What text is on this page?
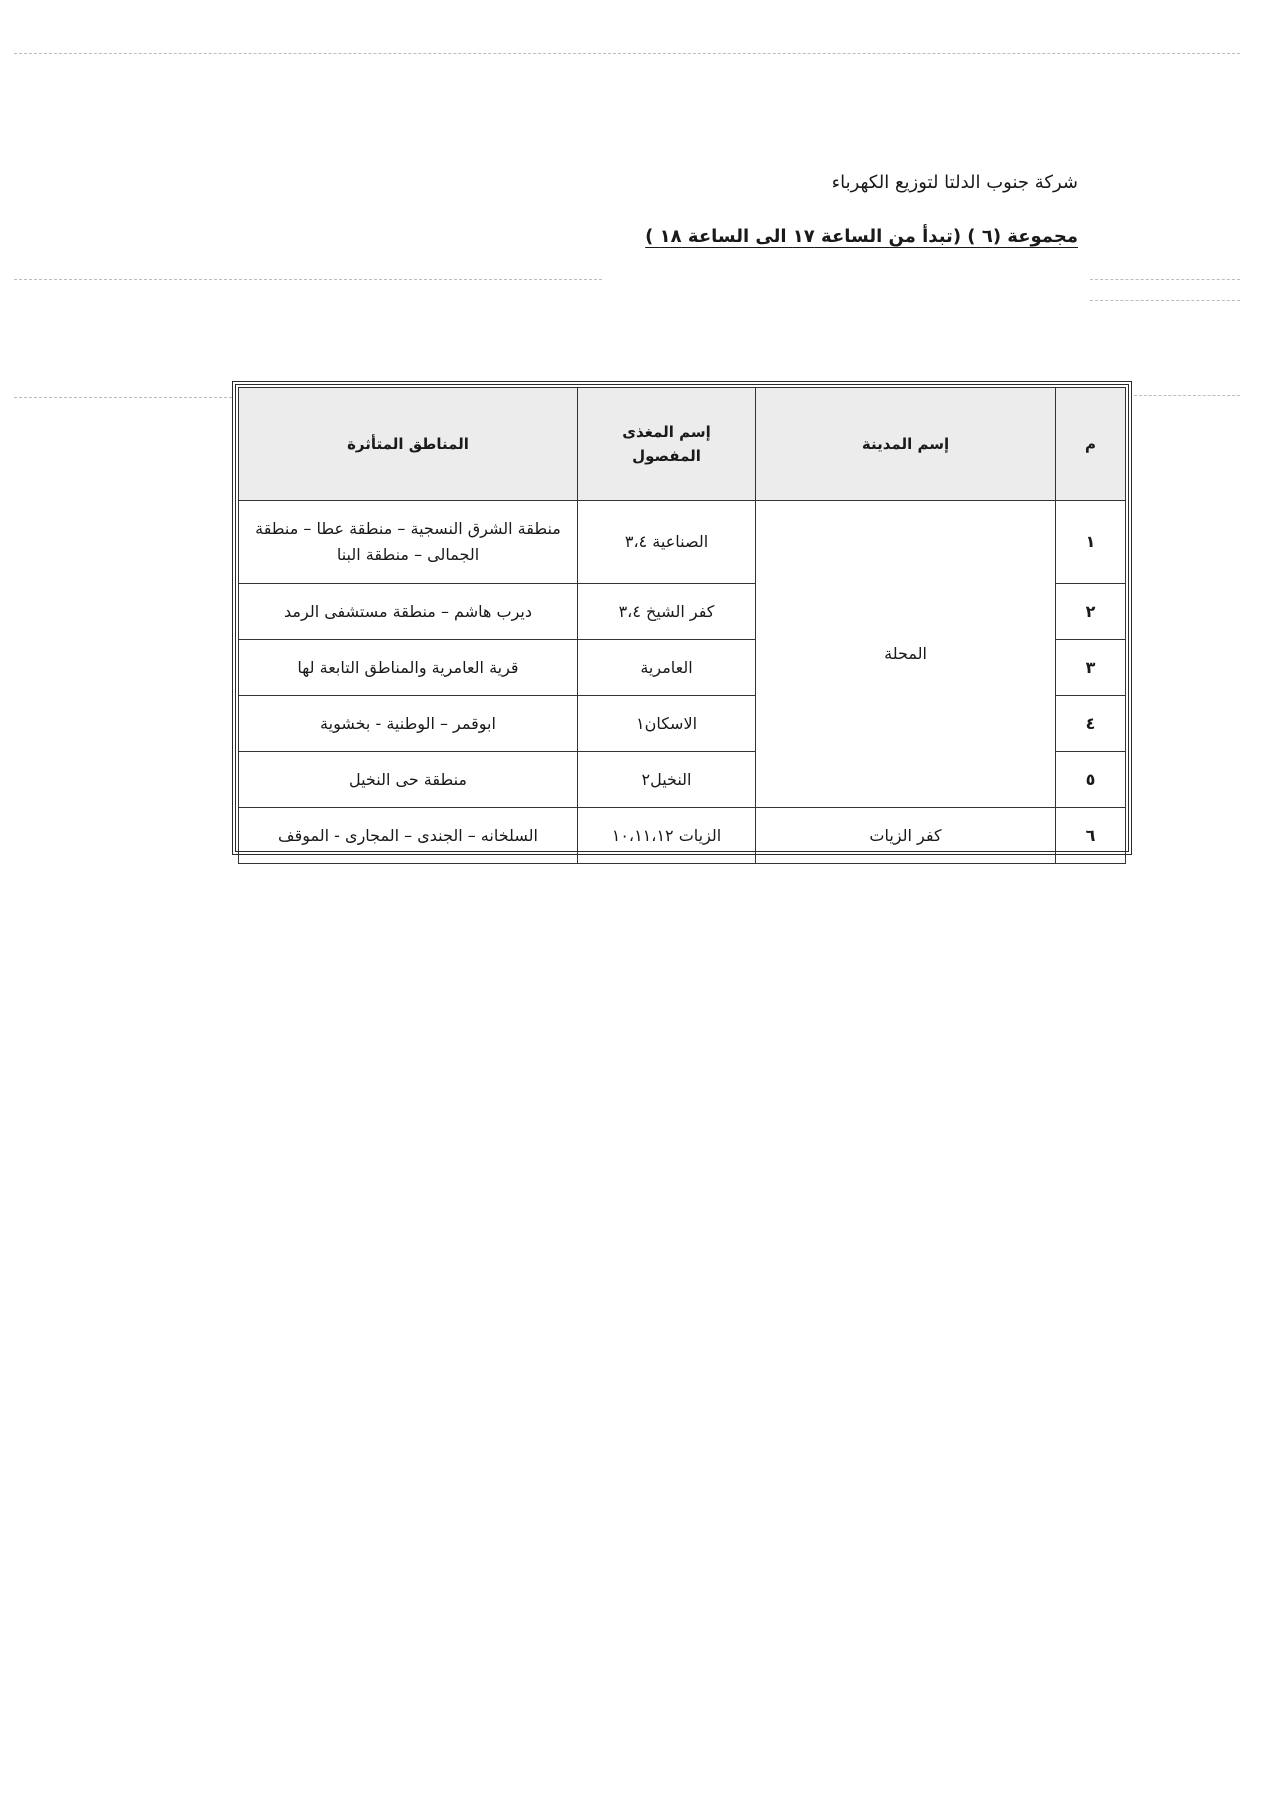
شركة جنوب الدلتا لتوزيع الكهرباء
مجموعة (٦ ) (تبدأ من الساعة ١٧ الى الساعة ١٨ )
م	إسم المدينة	إسم المغذى المفصول	المناطق المتأثرة
١	المحلة	الصناعية ٣،٤	منطقة الشرق النسجية – منطقة عطا – منطقة الجمالى – منطقة البنا
٢		كفر الشيخ ٣،٤	ديرب هاشم – منطقة مستشفى الرمد
٣		العامرية	قرية العامرية والمناطق التابعة لها
٤		الاسكان١	ابوقمر – الوطنية - بخشوية
٥		النخيل٢	منطقة حى النخيل
٦	كفر الزيات	الزيات ١٠،١١،١٢	السلخانه – الجندى – المجارى - الموقف
